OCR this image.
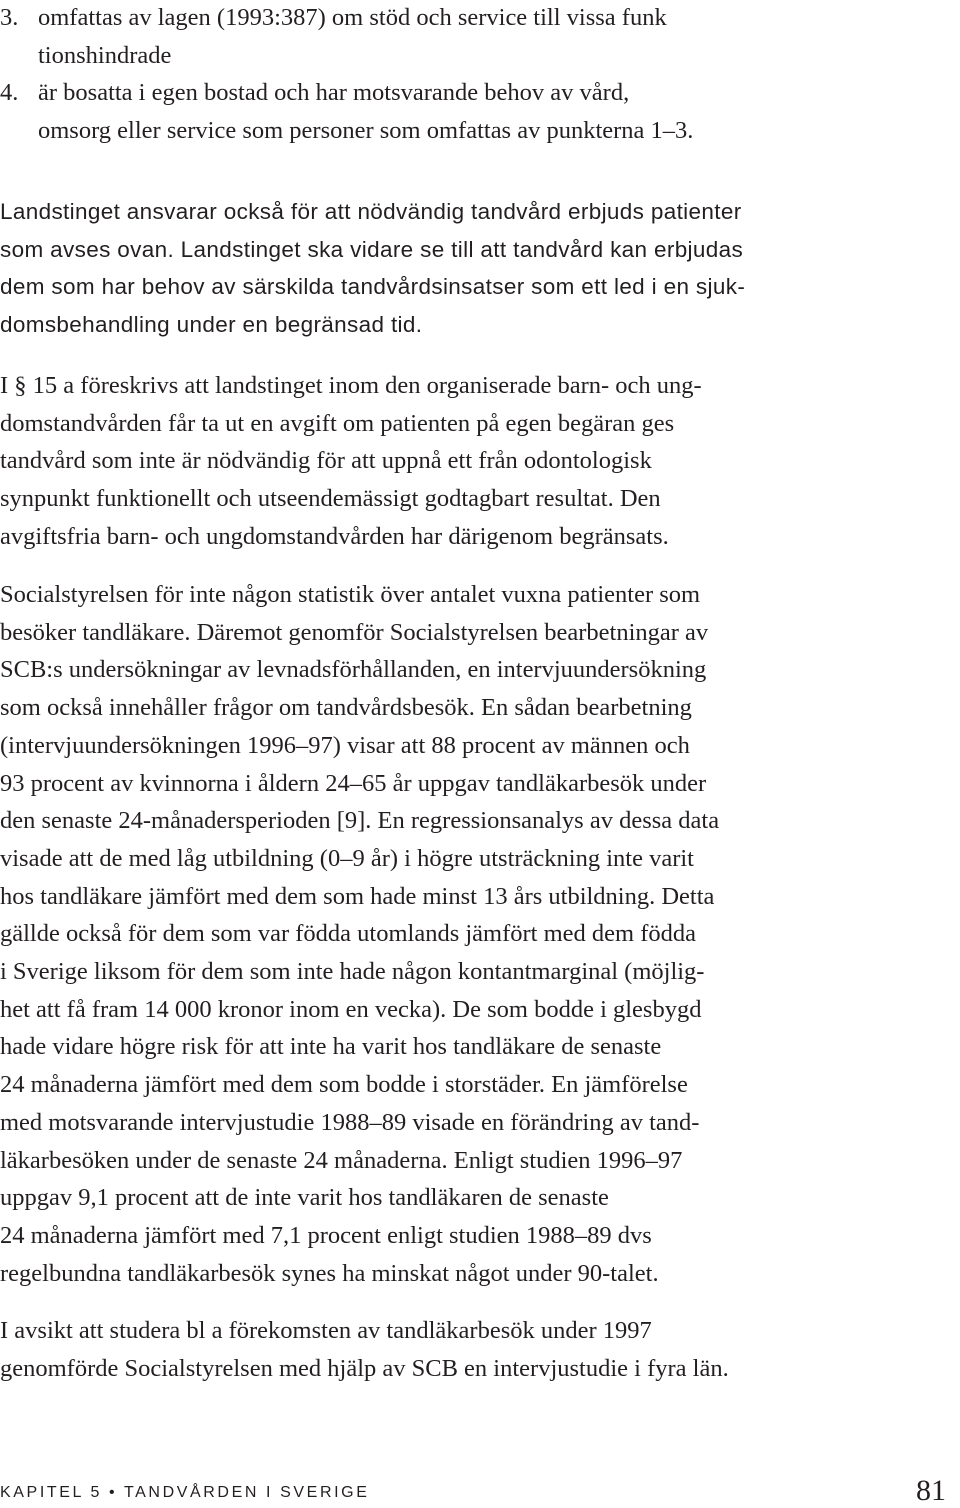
3. omfattas av lagen (1993:387) om stöd och service till vissa funk
tionshindrade
4. är bosatta i egen bostad och har motsvarande behov av vård,
omsorg eller service som personer som omfattas av punkterna 1–3.

Landstinget ansvarar också för att nödvändig tandvård erbjuds patienter
som avses ovan. Landstinget ska vidare se till att tandvård kan erbjudas
dem som har behov av särskilda tandvårdsinsatser som ett led i en sjuk-
domsbehandling under en begränsad tid.

I § 15 a föreskrivs att landstinget inom den organiserade barn- och ung-
domstandvården får ta ut en avgift om patienten på egen begäran ges
tandvård som inte är nödvändig för att uppnå ett från odontologisk
synpunkt funktionellt och utseendemässigt godtagbart resultat. Den
avgiftsfria barn- och ungdomstandvården har därigenom begränsats.

Socialstyrelsen för inte någon statistik över antalet vuxna patienter som
besöker tandläkare. Däremot genomför Socialstyrelsen bearbetningar av
SCB:s undersökningar av levnadsförhållanden, en intervjuundersökning
som också innehåller frågor om tandvårdsbesök. En sådan bearbetning
(intervjuundersökningen 1996–97) visar att 88 procent av männen och
93 procent av kvinnorna i åldern 24–65 år uppgav tandläkarbesök under
den senaste 24-månadersperioden [9]. En regressionsanalys av dessa data
visade att de med låg utbildning (0–9 år) i högre utsträckning inte varit
hos tandläkare jämfört med dem som hade minst 13 års utbildning. Detta
gällde också för dem som var födda utomlands jämfört med dem födda
i Sverige liksom för dem som inte hade någon kontantmarginal (möjlig-
het att få fram 14 000 kronor inom en vecka). De som bodde i glesbygd
hade vidare högre risk för att inte ha varit hos tandläkare de senaste
24 månaderna jämfört med dem som bodde i storstäder. En jämförelse
med motsvarande intervjustudie 1988–89 visade en förändring av tand-
läkarbesöken under de senaste 24 månaderna. Enligt studien 1996–97
uppgav 9,1 procent att de inte varit hos tandläkaren de senaste
24 månaderna jämfört med 7,1 procent enligt studien 1988–89 dvs
regelbundna tandläkarbesök synes ha minskat något under 90-talet.

I avsikt att studera bl a förekomsten av tandläkarbesök under 1997
genomförde Socialstyrelsen med hjälp av SCB en intervjustudie i fyra län.

KAPITEL 5 • TANDVÅRDEN I SVERIGE	81
